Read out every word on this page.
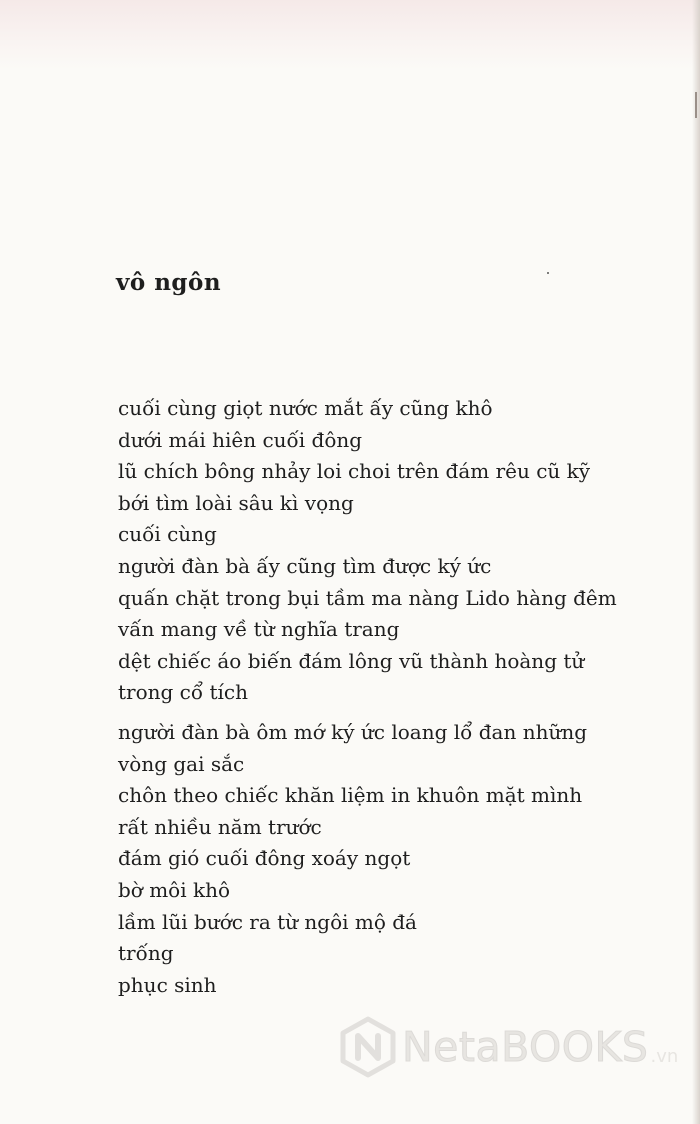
vô ngôn
cuối cùng giọt nước mắt ấy cũng khô
dưới mái hiên cuối đông
lũ chích bông nhảy loi choi trên đám rêu cũ kỹ
bới tìm loài sâu kì vọng
cuối cùng
người đàn bà ấy cũng tìm được ký ức
quấn chặt trong bụi tầm ma nàng Lido hàng đêm
vấn mang về từ nghĩa trang
dệt chiếc áo biến đám lông vũ thành hoàng tử
trong cổ tích
người đàn bà ôm mớ ký ức loang lổ đan những
vòng gai sắc
chôn theo chiếc khăn liệm in khuôn mặt mình
rất nhiều năm trước
đám gió cuối đông xoáy ngọt
bờ môi khô
lầm lũi bước ra từ ngôi mộ đá
trống
phục sinh
NetaBOOKS .vn
